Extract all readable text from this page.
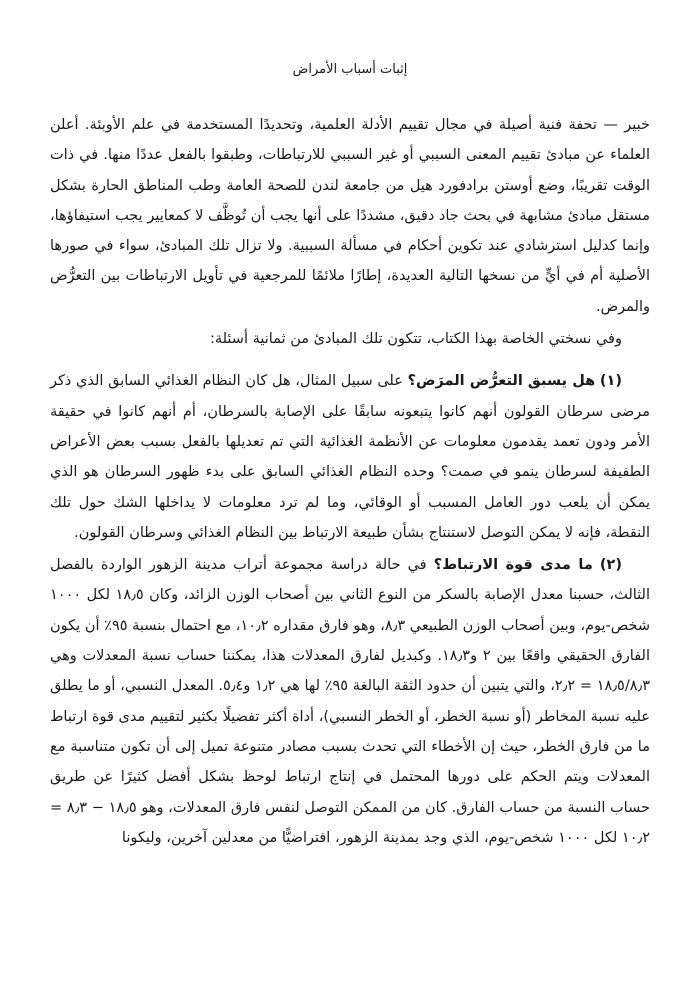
إثبات أسباب الأمراض

خبير — تحفة فنية أصيلة في مجال تقييم الأدلة العلمية، وتحديدًا المستخدمة في علم الأوبئة. أعلن العلماء عن مبادئ تقييم المعنى السببي أو غير السببي للارتباطات، وطبقوا بالفعل عددًا منها. في ذات الوقت تقريبًا، وضع أوستن برادفورد هيل من جامعة لندن للصحة العامة وطب المناطق الحارة بشكل مستقل مبادئ مشابهة في بحث جاد دقيق، مشددًا على أنها يجب أن تُوظَّف لا كمعايير يجب استيفاؤها، وإنما كدليل استرشادي عند تكوين أحكام في مسألة السببية. ولا تزال تلك المبادئ، سواء في صورها الأصلية أم في أيٍّ من نسخها التالية العديدة، إطارًا ملائمًا للمرجعية في تأويل الارتباطات بين التعرُّض والمرض.

وفي نسختي الخاصة بهذا الكتاب، تتكون تلك المبادئ من ثمانية أسئلة:

(١) هل يسبق التعرُّض المرَض؟ على سبيل المثال، هل كان النظام الغذائي السابق الذي ذكر مرضى سرطان القولون أنهم كانوا يتبعونه سابقًا على الإصابة بالسرطان، أم أنهم كانوا في حقيقة الأمر ودون تعمد يقدمون معلومات عن الأنظمة الغذائية التي تم تعديلها بالفعل بسبب بعض الأعراض الطفيفة لسرطان ينمو في صمت؟ وحده النظام الغذائي السابق على بدء ظهور السرطان هو الذي يمكن أن يلعب دور العامل المسبب أو الوقائي، وما لم ترد معلومات لا يداخلها الشك حول تلك النقطة، فإنه لا يمكن التوصل لاستنتاج بشأن طبيعة الارتباط بين النظام الغذائي وسرطان القولون.

(٢) ما مدى قوة الارتباط؟ في حالة دراسة مجموعة أتراب مدينة الزهور الواردة بالفصل الثالث، حسبنا معدل الإصابة بالسكر من النوع الثاني بين أصحاب الوزن الزائد، وكان ١٨٫٥ لكل ١٠٠٠ شخص-يوم، وبين أصحاب الوزن الطبيعي ٨٫٣، وهو فارق مقداره ١٠٫٢، مع احتمال بنسبة ٩٥٪ أن يكون الفارق الحقيقي واقعًا بين ٢ و١٨٫٣. وكبديل لفارق المعدلات هذا، يمكننا حساب نسبة المعدلات وهي ١٨٫٥/٨٫٣ = ٢٫٢، والتي يتبين أن حدود الثقة البالغة ٩٥٪ لها هي ١٫٢ و٥٫٤. المعدل النسبي، أو ما يطلق عليه نسبة المخاطر (أو نسبة الخطر، أو الخطر النسبي)، أداة أكثر تفضيلًا بكثير لتقييم مدى قوة ارتباط ما من فارق الخطر، حيث إن الأخطاء التي تحدث بسبب مصادر متنوعة تميل إلى أن تكون متناسبة مع المعدلات ويتم الحكم على دورها المحتمل في إنتاج ارتباط لوحظ بشكل أفضل كثيرًا عن طريق حساب النسبة من حساب الفارق. كان من الممكن التوصل لنفس فارق المعدلات، وهو ١٨٫٥ − ٨٫٣ = ١٠٫٢ لكل ١٠٠٠ شخص-يوم، الذي وجد بمدينة الزهور، افتراضيًّا من معدلين آخرين، وليكونا
